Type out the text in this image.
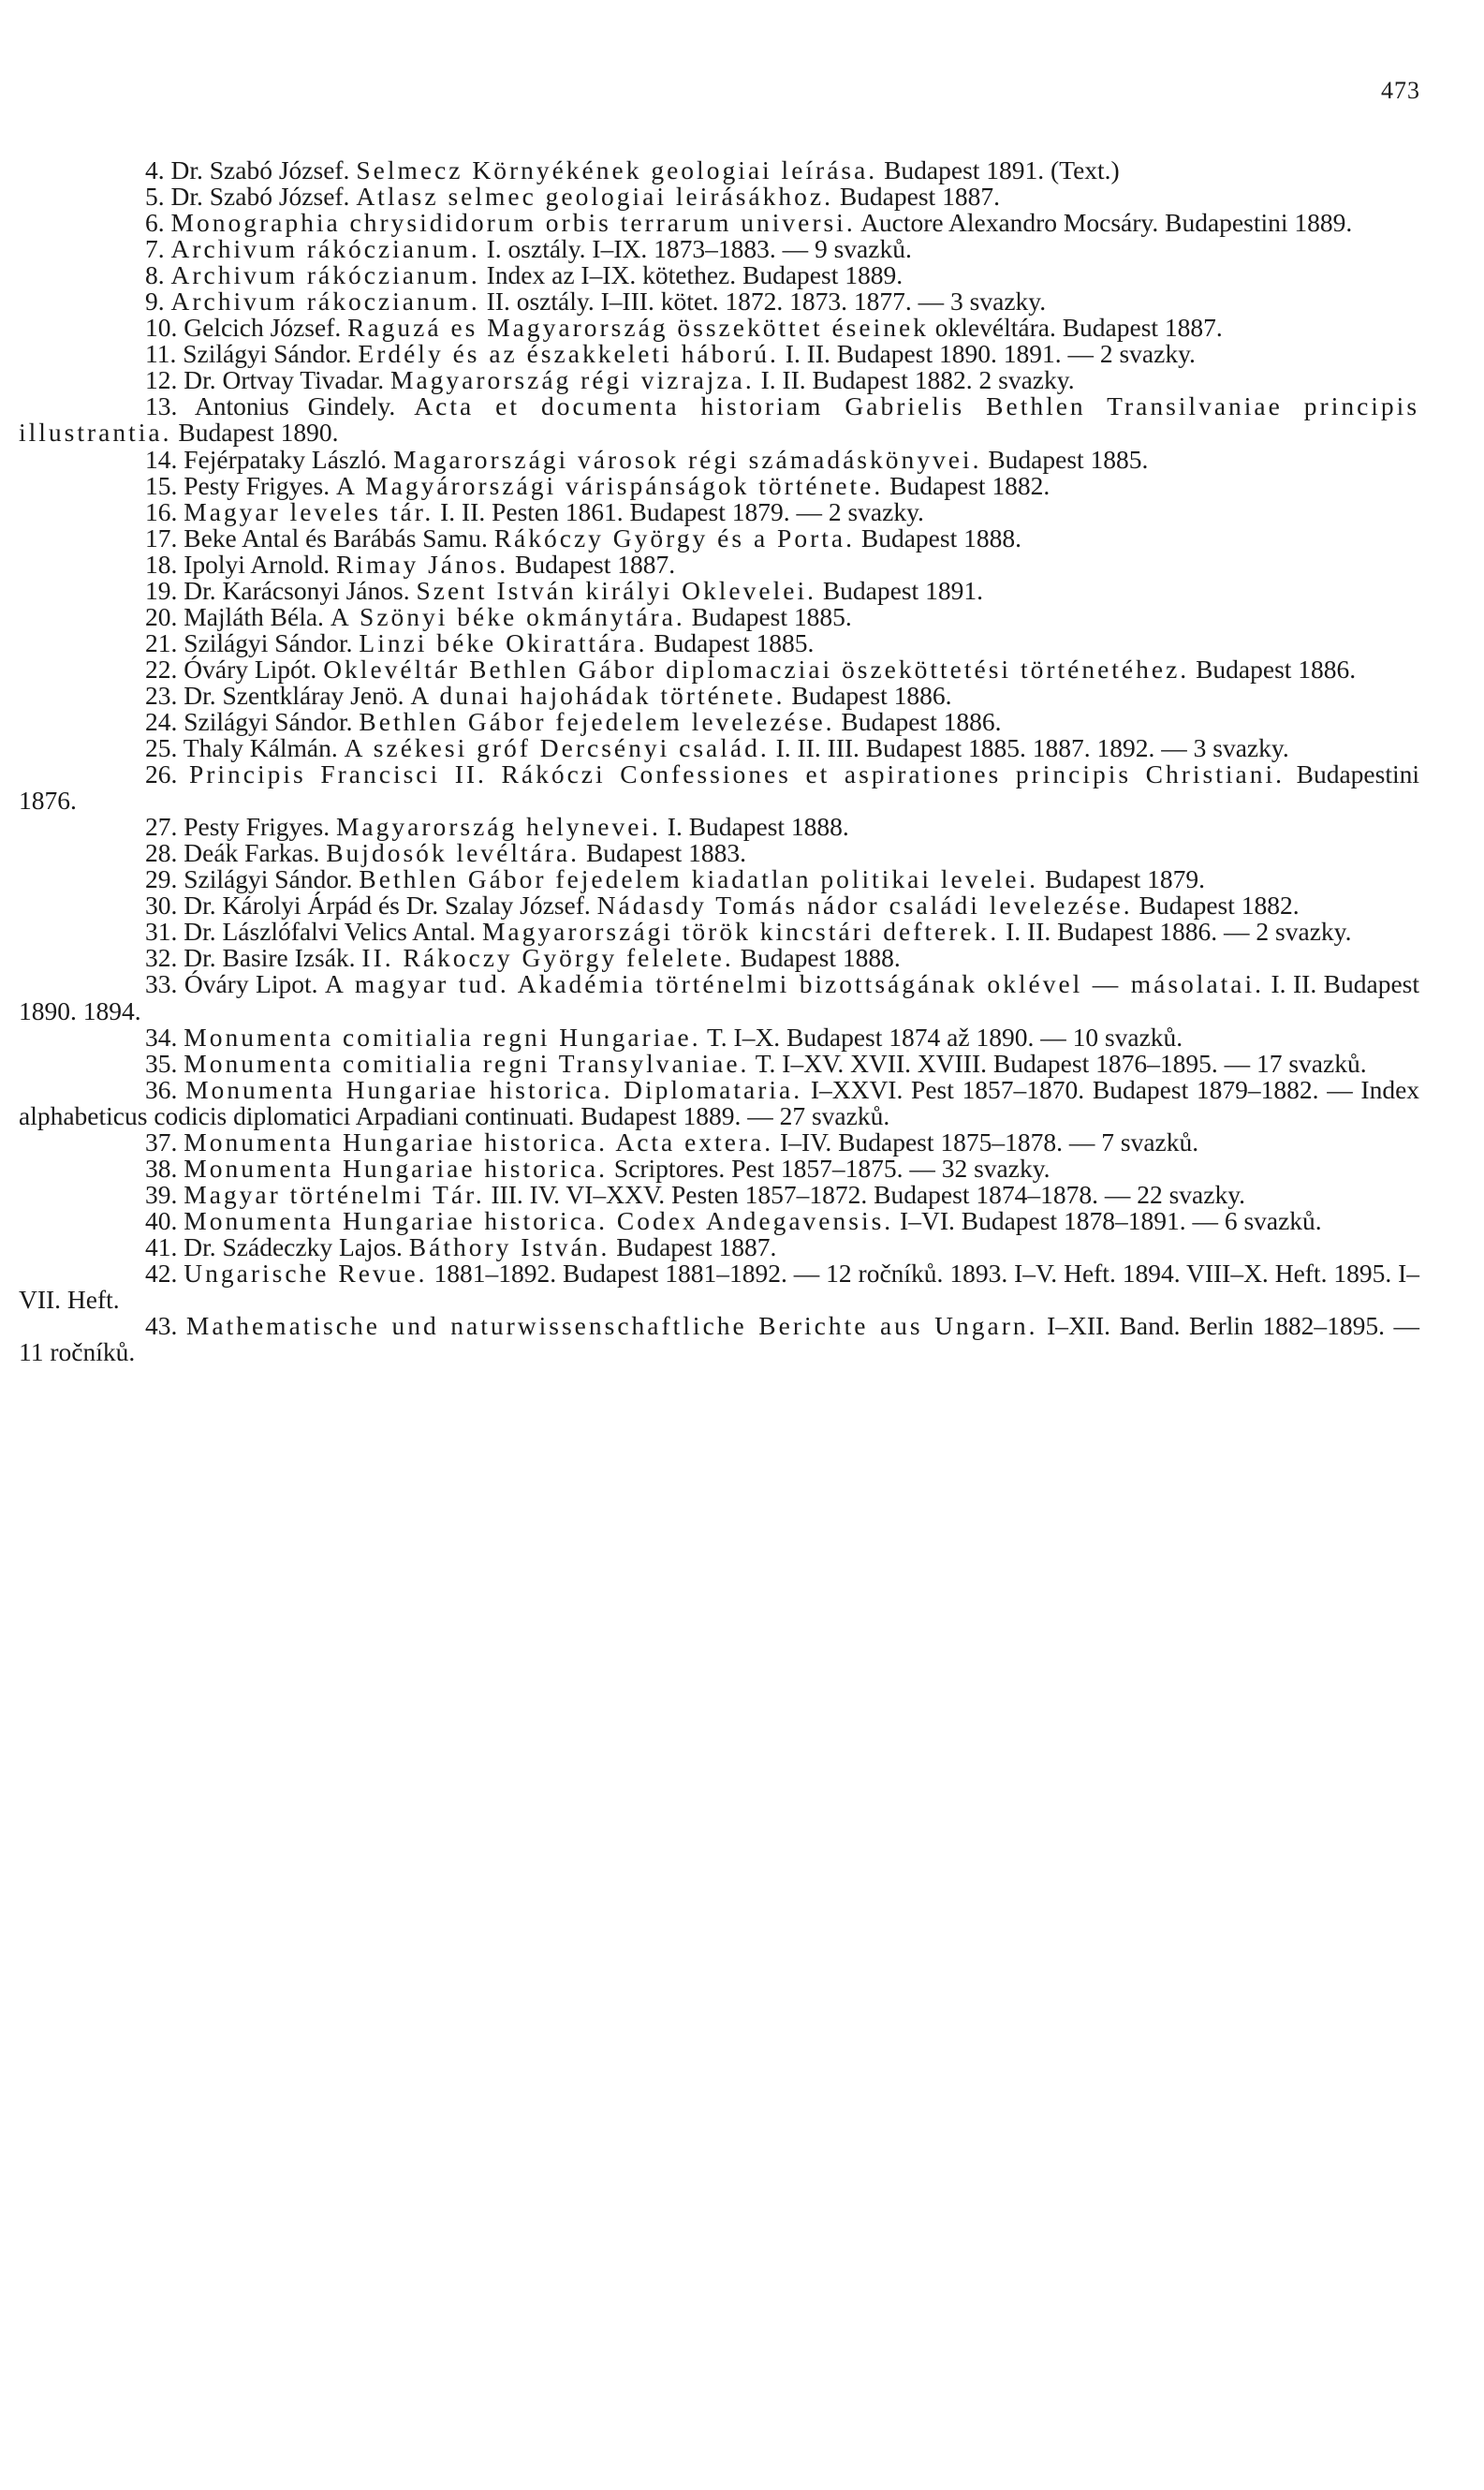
473

4. Dr. Szabó József. Selmecz Környékének geologiai leírása. Budapest 1891. (Text.)

5. Dr. Szabó József. Atlasz selmec geologiai leirásákhoz. Budapest 1887.

6. Monographia chrysididorum orbis terrarum universi. Auctore Alexandro Mocsáry. Budapestini 1889.

7. Archivum rákóczianum. I. osztály. I–IX. 1873–1883. — 9 svazků.

8. Archivum rákóczianum. Index az I–IX. kötethez. Budapest 1889.

9. Archivum rákoczianum. II. osztály. I–III. kötet. 1872. 1873. 1877. — 3 svazky.

10. Gelcich József. Raguzá es Magyarország összeköttet éseinek oklevéltára. Budapest 1887.

11. Szilágyi Sándor. Erdély és az északkeleti háború. I. II. Budapest 1890. 1891. — 2 svazky.

12. Dr. Ortvay Tivadar. Magyarország régi vizrajza. I. II. Budapest 1882. 2 svazky.

13. Antonius Gindely. Acta et documenta historiam Gabrielis Bethlen Transilvaniae principis illustrantia. Budapest 1890.

14. Fejérpataky László. Magarországi városok régi számadáskönyvei. Budapest 1885.

15. Pesty Frigyes. A Magyárországi várispánságok története. Budapest 1882.

16. Magyar leveles tár. I. II. Pesten 1861. Budapest 1879. — 2 svazky.

17. Beke Antal és Barábás Samu. Rákóczy György és a Porta. Budapest 1888.

18. Ipolyi Arnold. Rimay János. Budapest 1887.

19. Dr. Karácsonyi János. Szent István királyi Oklevelei. Budapest 1891.

20. Majláth Béla. A Szönyi béke okmánytára. Budapest 1885.

21. Szilágyi Sándor. Linzi béke Okirattára. Budapest 1885.

22. Óváry Lipót. Oklevéltár Bethlen Gábor diplomacziai öszeköttetési történetéhez. Budapest 1886.

23. Dr. Szentkláray Jenö. A dunai hajohádak története. Budapest 1886.

24. Szilágyi Sándor. Bethlen Gábor fejedelem levelezése. Budapest 1886.

25. Thaly Kálmán. A székesi gróf Dercsényi család. I. II. III. Budapest 1885. 1887. 1892. — 3 svazky.

26. Principis Francisci II. Rákóczi Confessiones et aspirationes principis Christiani. Budapestini 1876.

27. Pesty Frigyes. Magyarország helynevei. I. Budapest 1888.

28. Deák Farkas. Bujdosók levéltára. Budapest 1883.

29. Szilágyi Sándor. Bethlen Gábor fejedelem kiadatlan politikai levelei. Budapest 1879.

30. Dr. Károlyi Árpád és Dr. Szalay József. Nádasdy Tomás nádor családi levelezése. Budapest 1882.

31. Dr. Lászlófalvi Velics Antal. Magyarországi török kincstári defterek. I. II. Budapest 1886. — 2 svazky.

32. Dr. Basire Izsák. II. Rákoczy György felelete. Budapest 1888.

33. Óváry Lipot. A magyar tud. Akadémia történelmi bizottságának oklével — másolatai. I. II. Budapest 1890. 1894.

34. Monumenta comitialia regni Hungariae. T. I–X. Budapest 1874 až 1890. — 10 svazků.

35. Monumenta comitialia regni Transylvaniae. T. I–XV. XVII. XVIII. Budapest 1876–1895. — 17 svazků.

36. Monumenta Hungariae historica. Diplomataria. I–XXVI. Pest 1857–1870. Budapest 1879–1882. — Index alphabeticus codicis diplomatici Arpadiani continuati. Budapest 1889. — 27 svazků.

37. Monumenta Hungariae historica. Acta extera. I–IV. Budapest 1875–1878. — 7 svazků.

38. Monumenta Hungariae historica. Scriptores. Pest 1857–1875. — 32 svazky.

39. Magyar történelmi Tár. III. IV. VI–XXV. Pesten 1857–1872. Budapest 1874–1878. — 22 svazky.

40. Monumenta Hungariae historica. Codex Andegavensis. I–VI. Budapest 1878–1891. — 6 svazků.

41. Dr. Szádeczky Lajos. Báthory István. Budapest 1887.

42. Ungarische Revue. 1881–1892. Budapest 1881–1892. — 12 ročníků. 1893. I–V. Heft. 1894. VIII–X. Heft. 1895. I–VII. Heft.

43. Mathematische und naturwissenschaftliche Berichte aus Ungarn. I–XII. Band. Berlin 1882–1895. — 11 ročníků.
